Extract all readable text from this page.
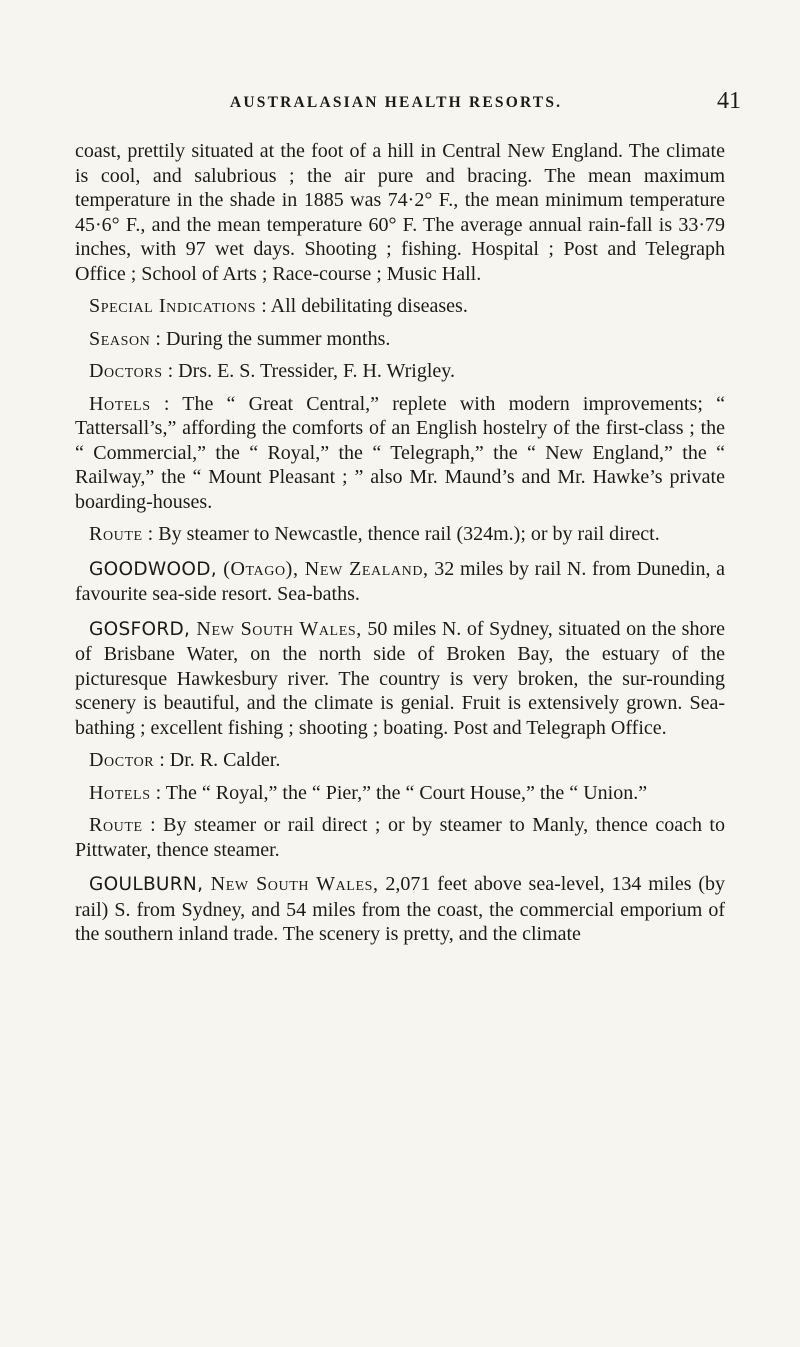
AUSTRALASIAN HEALTH RESORTS.	41

coast, prettily situated at the foot of a hill in Central New England. The climate is cool, and salubrious ; the air pure and bracing. The mean maximum temperature in the shade in 1885 was 74·2° F., the mean minimum temperature 45·6° F., and the mean temperature 60° F. The average annual rain-fall is 33·79 inches, with 97 wet days. Shooting ; fishing. Hospital ; Post and Telegraph Office ; School of Arts ; Race-course ; Music Hall.

Special Indications : All debilitating diseases.

Season : During the summer months.

Doctors : Drs. E. S. Tressider, F. H. Wrigley.

Hotels : The “ Great Central,” replete with modern improvements; “ Tattersall’s,” affording the comforts of an English hostelry of the first-class ; the “ Commercial,” the “ Royal,” the “ Telegraph,” the “ New England,” the “ Railway,” the “ Mount Pleasant ; ” also Mr. Maund’s and Mr. Hawke’s private boarding-houses.

Route : By steamer to Newcastle, thence rail (324m.); or by rail direct.

GOODWOOD, (Otago), New Zealand, 32 miles by rail N. from Dunedin, a favourite sea-side resort. Sea-baths.

GOSFORD, New South Wales, 50 miles N. of Sydney, situated on the shore of Brisbane Water, on the north side of Broken Bay, the estuary of the picturesque Hawkesbury river. The country is very broken, the sur-rounding scenery is beautiful, and the climate is genial. Fruit is extensively grown. Sea-bathing ; excellent fishing ; shooting ; boating. Post and Telegraph Office.

Doctor : Dr. R. Calder.

Hotels : The “ Royal,” the “ Pier,” the “ Court House,” the “ Union.”

Route : By steamer or rail direct ; or by steamer to Manly, thence coach to Pittwater, thence steamer.

GOULBURN, New South Wales, 2,071 feet above sea-level, 134 miles (by rail) S. from Sydney, and 54 miles from the coast, the commercial emporium of the southern inland trade. The scenery is pretty, and the climate
